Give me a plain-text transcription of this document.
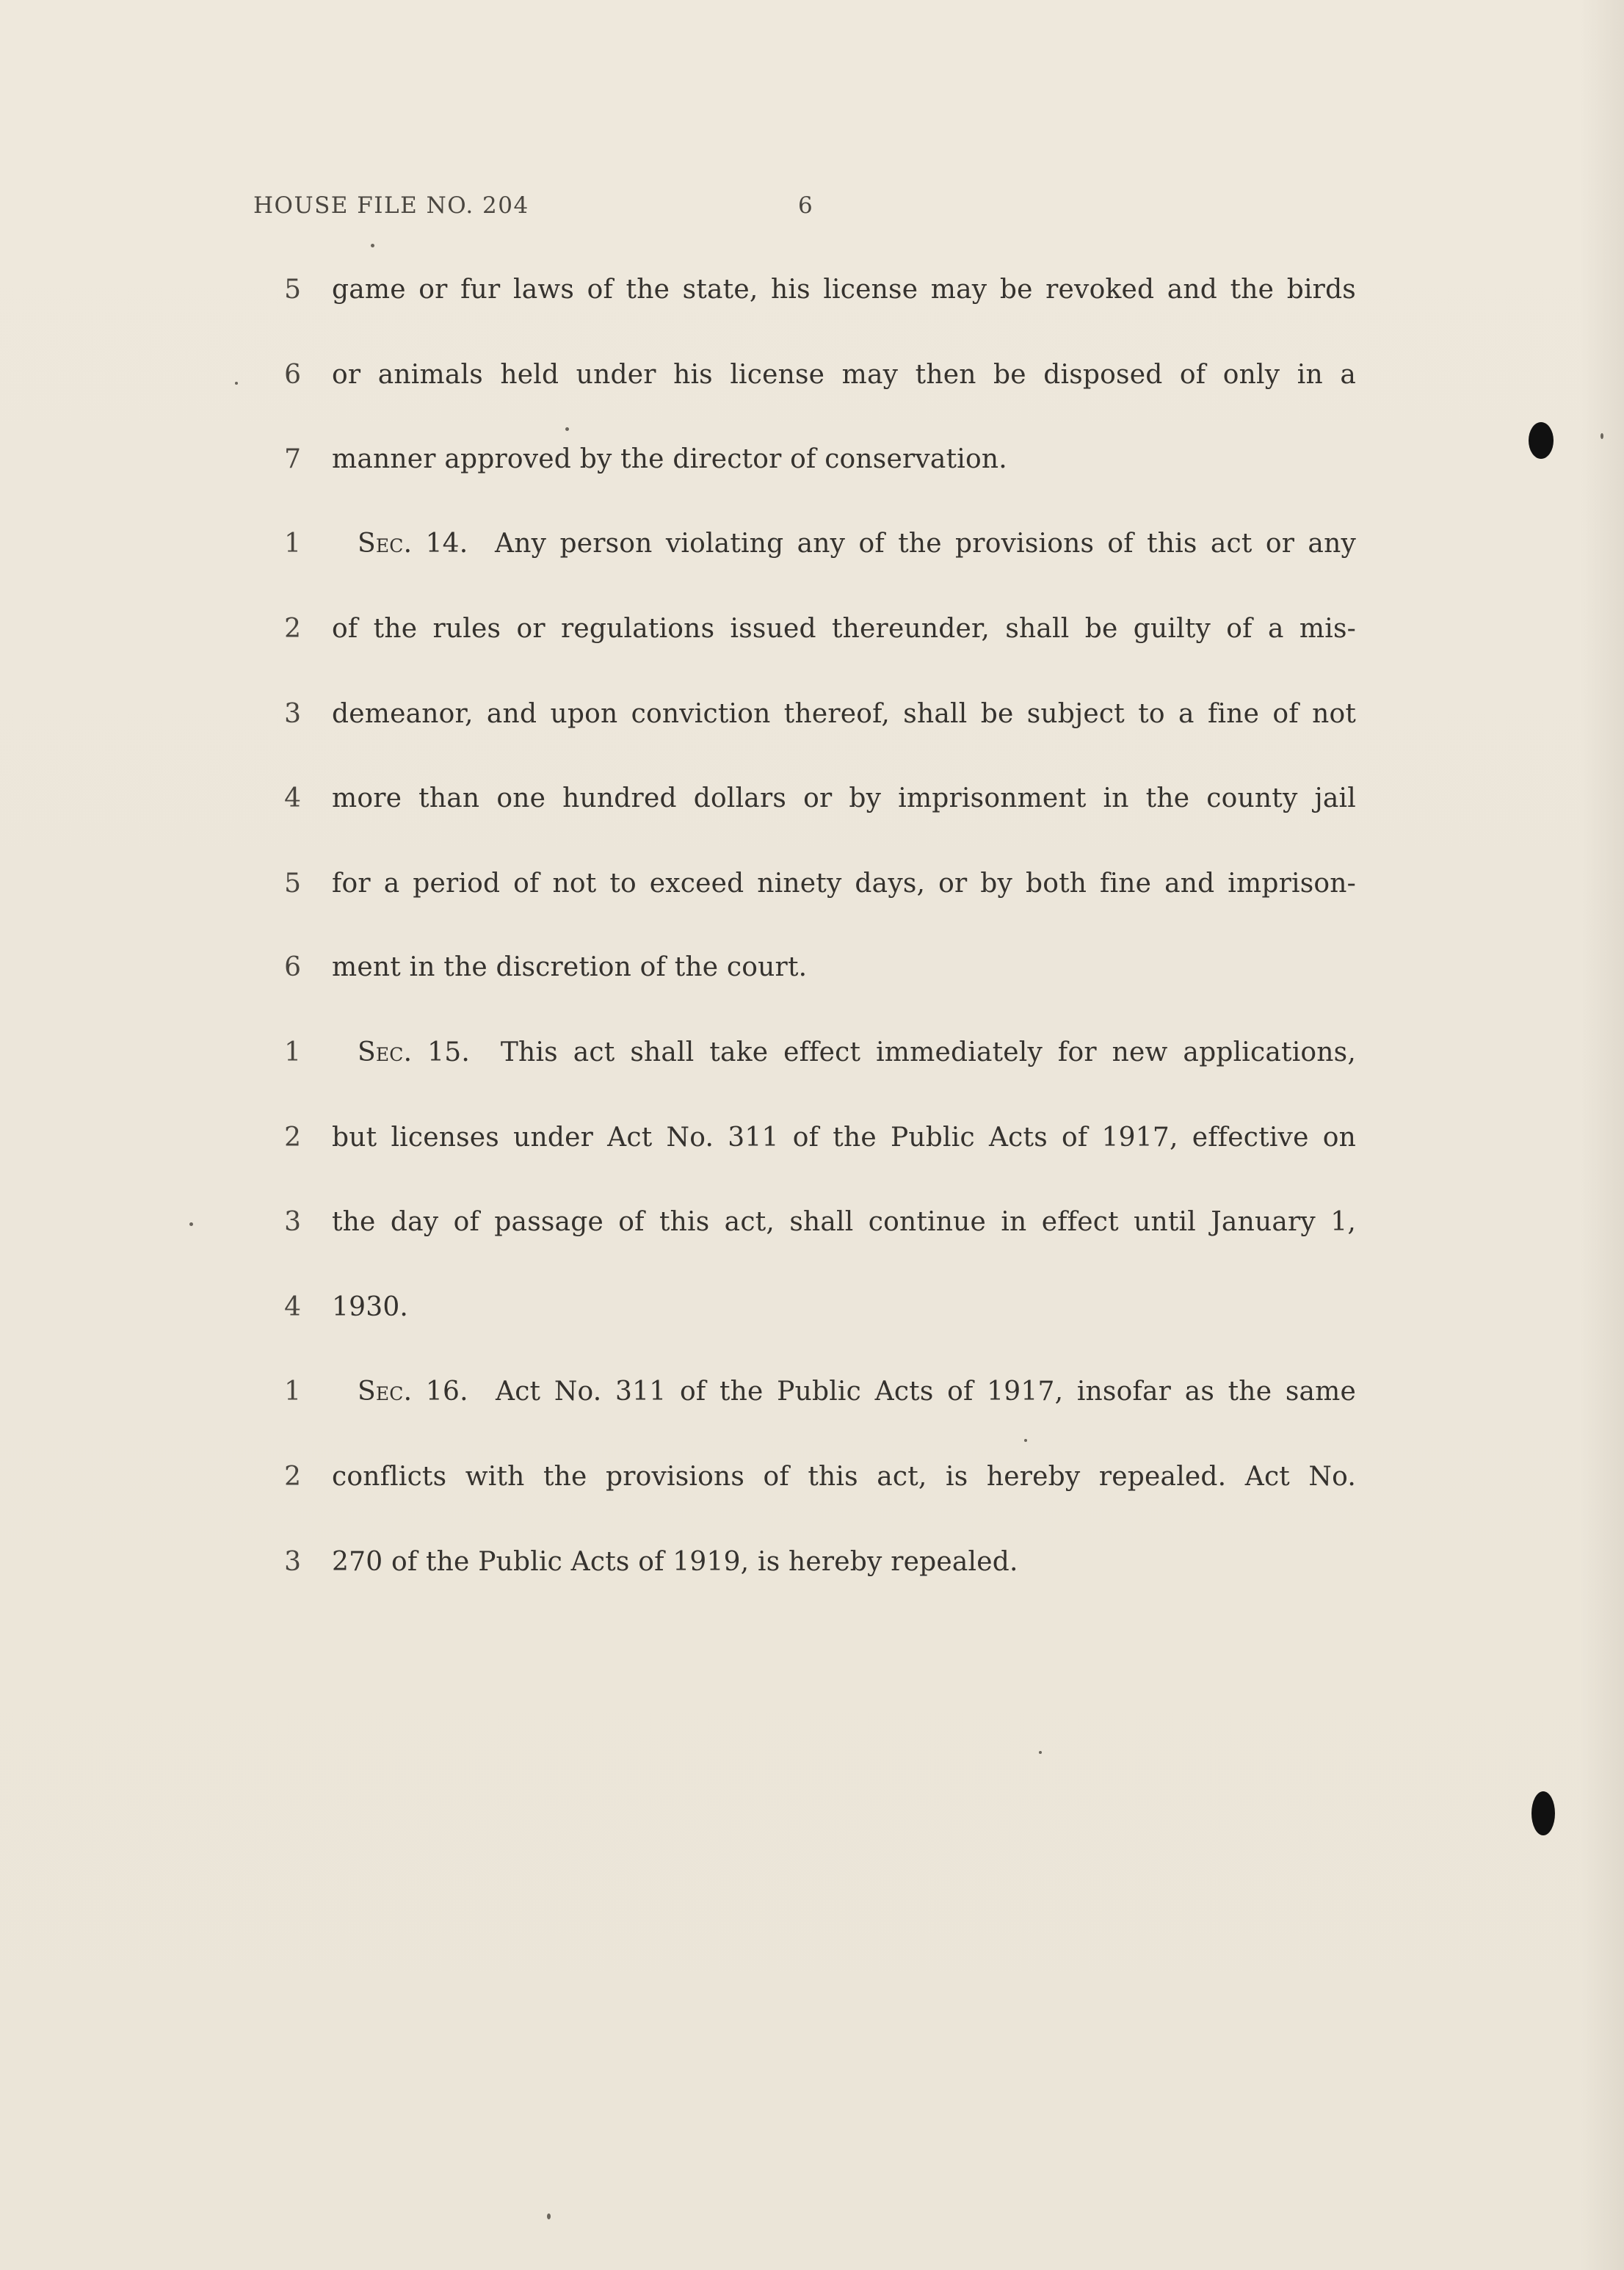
HOUSE FILE NO. 204	6
5 game or fur laws of the state, his license may be revoked and the birds
6 or animals held under his license may then be disposed of only in a
7 manner approved by the director of conservation.
1	Sec. 14. Any person violating any of the provisions of this act or any
2 of the rules or regulations issued thereunder, shall be guilty of a mis-
3 demeanor, and upon conviction thereof, shall be subject to a fine of not
4 more than one hundred dollars or by imprisonment in the county jail
5 for a period of not to exceed ninety days, or by both fine and imprison-
6 ment in the discretion of the court.
1	Sec. 15. This act shall take effect immediately for new applications,
2 but licenses under Act No. 311 of the Public Acts of 1917, effective on
3 the day of passage of this act, shall continue in effect until January 1,
4 1930.
1	Sec. 16. Act No. 311 of the Public Acts of 1917, insofar as the same
2 conflicts with the provisions of this act, is hereby repealed. Act No.
3 270 of the Public Acts of 1919, is hereby repealed.
